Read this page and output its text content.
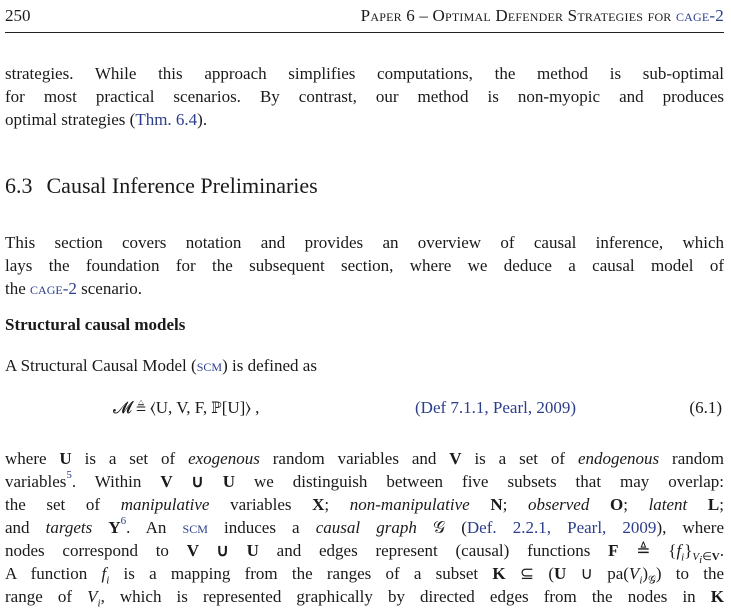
250	Paper 6 – Optimal Defender Strategies for cage-2
strategies. While this approach simplifies computations, the method is sub-optimal
for most practical scenarios. By contrast, our method is non-myopic and produces
optimal strategies (Thm. 6.4).
6.3 Causal Inference Preliminaries
This section covers notation and provides an overview of causal inference, which
lays the foundation for the subsequent section, where we deduce a causal model of
the cage-2 scenario.
Structural causal models
A Structural Causal Model (scm) is defined as
𝓜 ≜ ⟨U, V, F, ℙ[U]⟩ ,	(Def 7.1.1, Pearl, 2009)	(6.1)
where U is a set of exogenous random variables and V is a set of endogenous random
variables$^5$. Within V ∪ U we distinguish between five subsets that may overlap:
the set of manipulative variables X; non-manipulative N; observed O; latent L;
and targets $Y^6$. An scm induces a causal graph 𝒢 (Def. 2.2.1, Pearl, 2009), where
nodes correspond to V ∪ U and edges represent (causal) functions F ≜ $\{f_i\}_{V_i\in V}$.
A function $f_i$ is a mapping from the ranges of a subset K ⊆ (U ∪ $pa(V_i)_𝒢$) to the
range of $V_i$, which is represented graphically by directed edges from the nodes in K
